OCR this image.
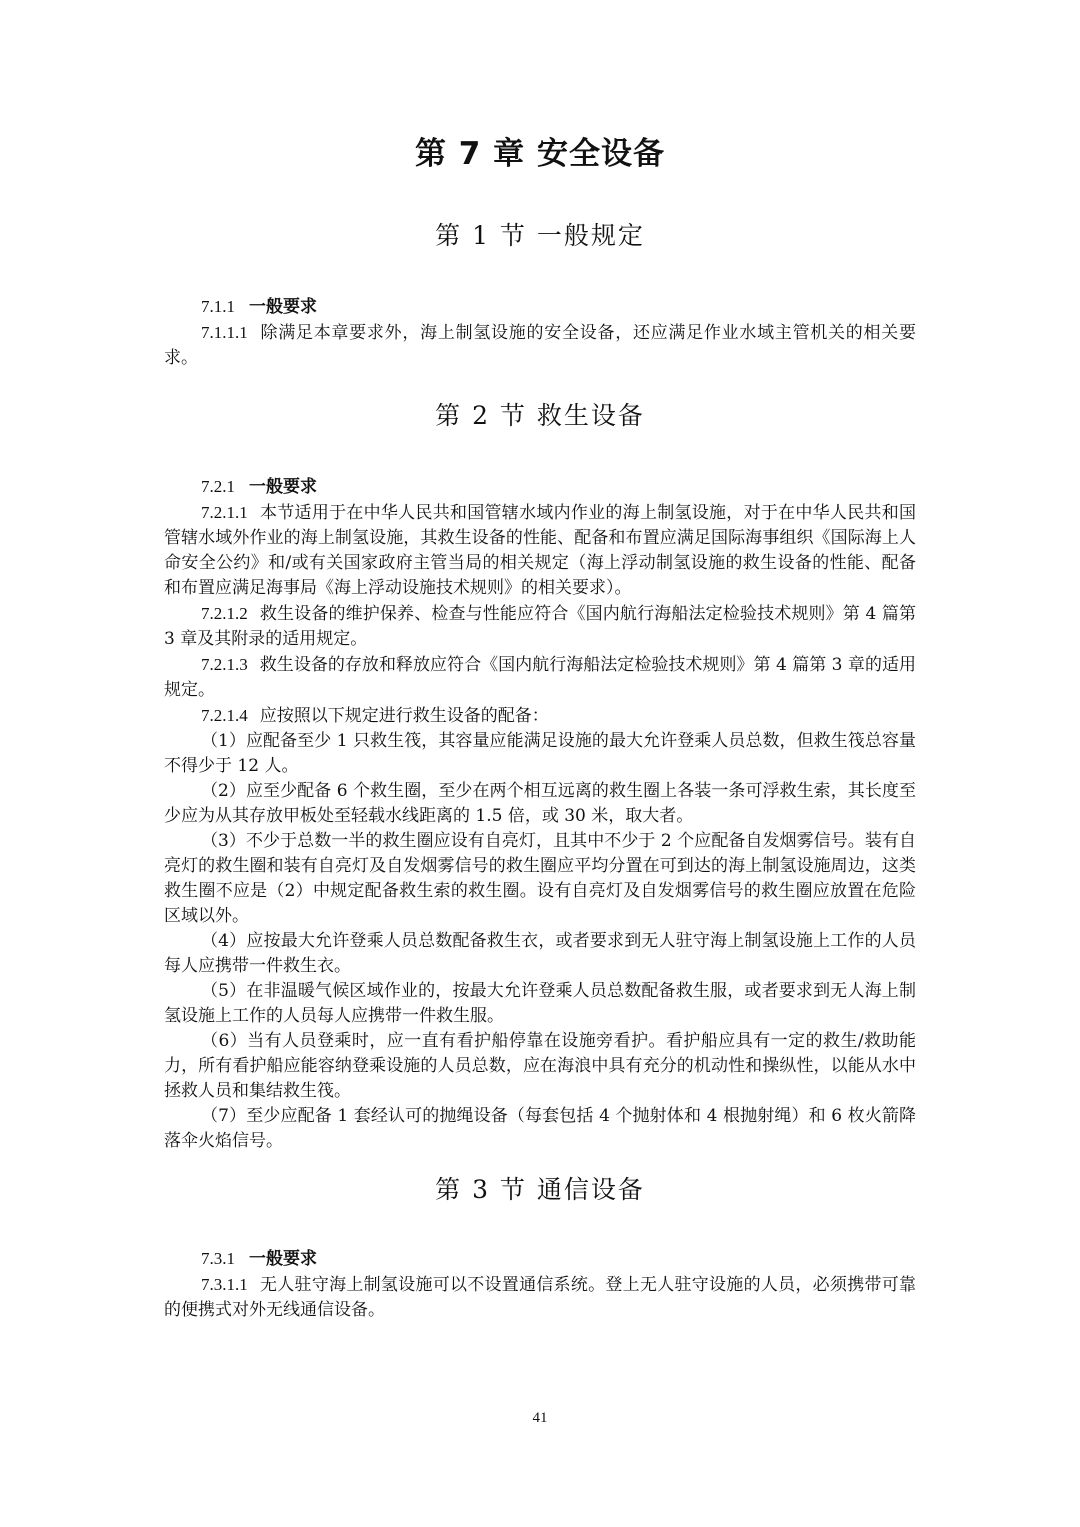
第 7 章 安全设备
第 1 节 一般规定

7.1.1 一般要求

7.1.1.1 除满足本章要求外，海上制氢设施的安全设备，还应满足作业水域主管机关的相关要求。

第 2 节 救生设备

7.2.1 一般要求

7.2.1.1 本节适用于在中华人民共和国管辖水域内作业的海上制氢设施，对于在中华人民共和国管辖水域外作业的海上制氢设施，其救生设备的性能、配备和布置应满足国际海事组织《国际海上人命安全公约》和/或有关国家政府主管当局的相关规定（海上浮动制氢设施的救生设备的性能、配备和布置应满足海事局《海上浮动设施技术规则》的相关要求）。

7.2.1.2 救生设备的维护保养、检查与性能应符合《国内航行海船法定检验技术规则》第 4 篇第 3 章及其附录的适用规定。

7.2.1.3 救生设备的存放和释放应符合《国内航行海船法定检验技术规则》第 4 篇第 3 章的适用规定。

7.2.1.4 应按照以下规定进行救生设备的配备：

（1）应配备至少 1 只救生筏，其容量应能满足设施的最大允许登乘人员总数，但救生筏总容量不得少于 12 人。

（2）应至少配备 6 个救生圈，至少在两个相互远离的救生圈上各装一条可浮救生索，其长度至少应为从其存放甲板处至轻载水线距离的 1.5 倍，或 30 米，取大者。

（3）不少于总数一半的救生圈应设有自亮灯，且其中不少于 2 个应配备自发烟雾信号。装有自亮灯的救生圈和装有自亮灯及自发烟雾信号的救生圈应平均分置在可到达的海上制氢设施周边，这类救生圈不应是（2）中规定配备救生索的救生圈。设有自亮灯及自发烟雾信号的救生圈应放置在危险区域以外。

（4）应按最大允许登乘人员总数配备救生衣，或者要求到无人驻守海上制氢设施上工作的人员每人应携带一件救生衣。

（5）在非温暖气候区域作业的，按最大允许登乘人员总数配备救生服，或者要求到无人海上制氢设施上工作的人员每人应携带一件救生服。

（6）当有人员登乘时，应一直有看护船停靠在设施旁看护。看护船应具有一定的救生/救助能力，所有看护船应能容纳登乘设施的人员总数，应在海浪中具有充分的机动性和操纵性，以能从水中拯救人员和集结救生筏。

（7）至少应配备 1 套经认可的抛绳设备（每套包括 4 个抛射体和 4 根抛射绳）和 6 枚火箭降落伞火焰信号。

第 3 节 通信设备

7.3.1 一般要求

7.3.1.1 无人驻守海上制氢设施可以不设置通信系统。登上无人驻守设施的人员，必须携带可靠的便携式对外无线通信设备。

41
